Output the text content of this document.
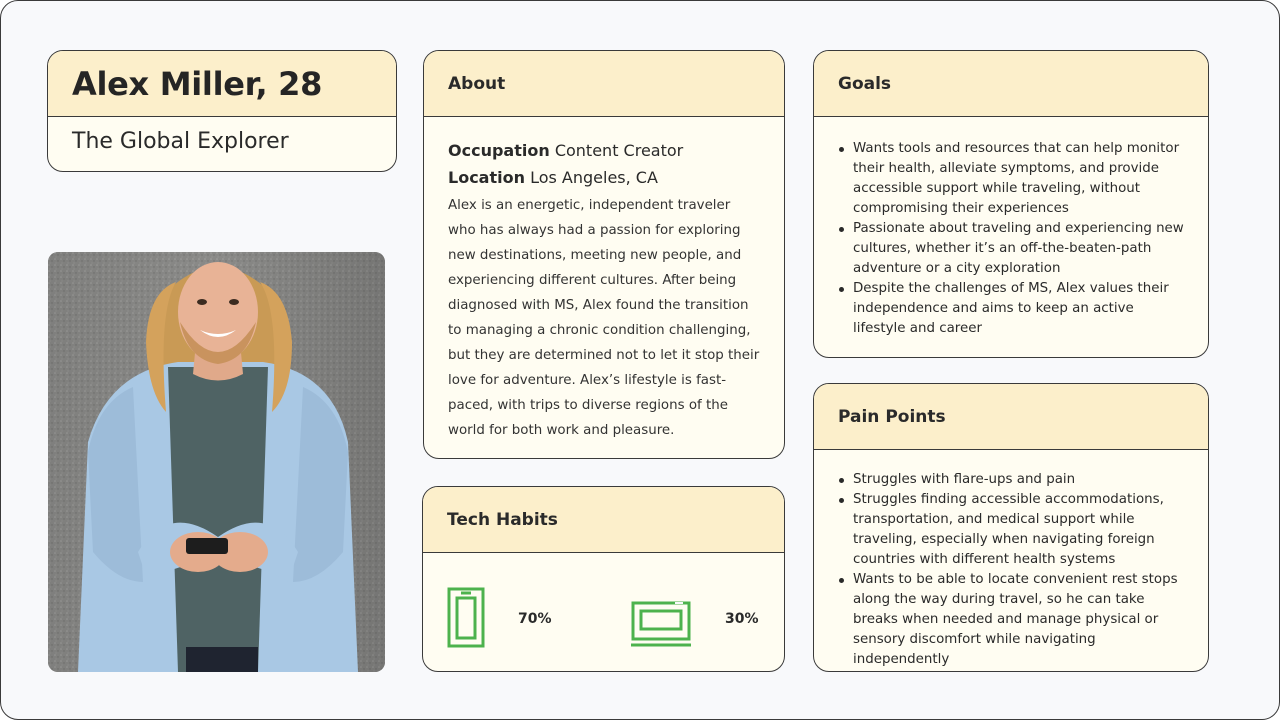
Alex Miller, 28
The Global Explorer
About
Occupation Content Creator
Location Los Angeles, CA

Alex is an energetic, independent traveler who has always had a passion for exploring new destinations, meeting new people, and experiencing different cultures. After being diagnosed with MS, Alex found the transition to managing a chronic condition challenging, but they are determined not to let it stop their love for adventure. Alex’s lifestyle is fast-paced, with trips to diverse regions of the world for both work and pleasure.

Tech Habits
70%	30%
Goals
Wants tools and resources that can help monitor their health, alleviate symptoms, and provide accessible support while traveling, without compromising their experiences
Passionate about traveling and experiencing new cultures, whether it’s an off-the-beaten-path adventure or a city exploration
Despite the challenges of MS, Alex values their independence and aims to keep an active lifestyle and career
Pain Points
Struggles with flare-ups and pain
Struggles finding accessible accommodations, transportation, and medical support while traveling, especially when navigating foreign countries with different health systems
Wants to be able to locate convenient rest stops along the way during travel, so he can take breaks when needed and manage physical or sensory discomfort while navigating independently
